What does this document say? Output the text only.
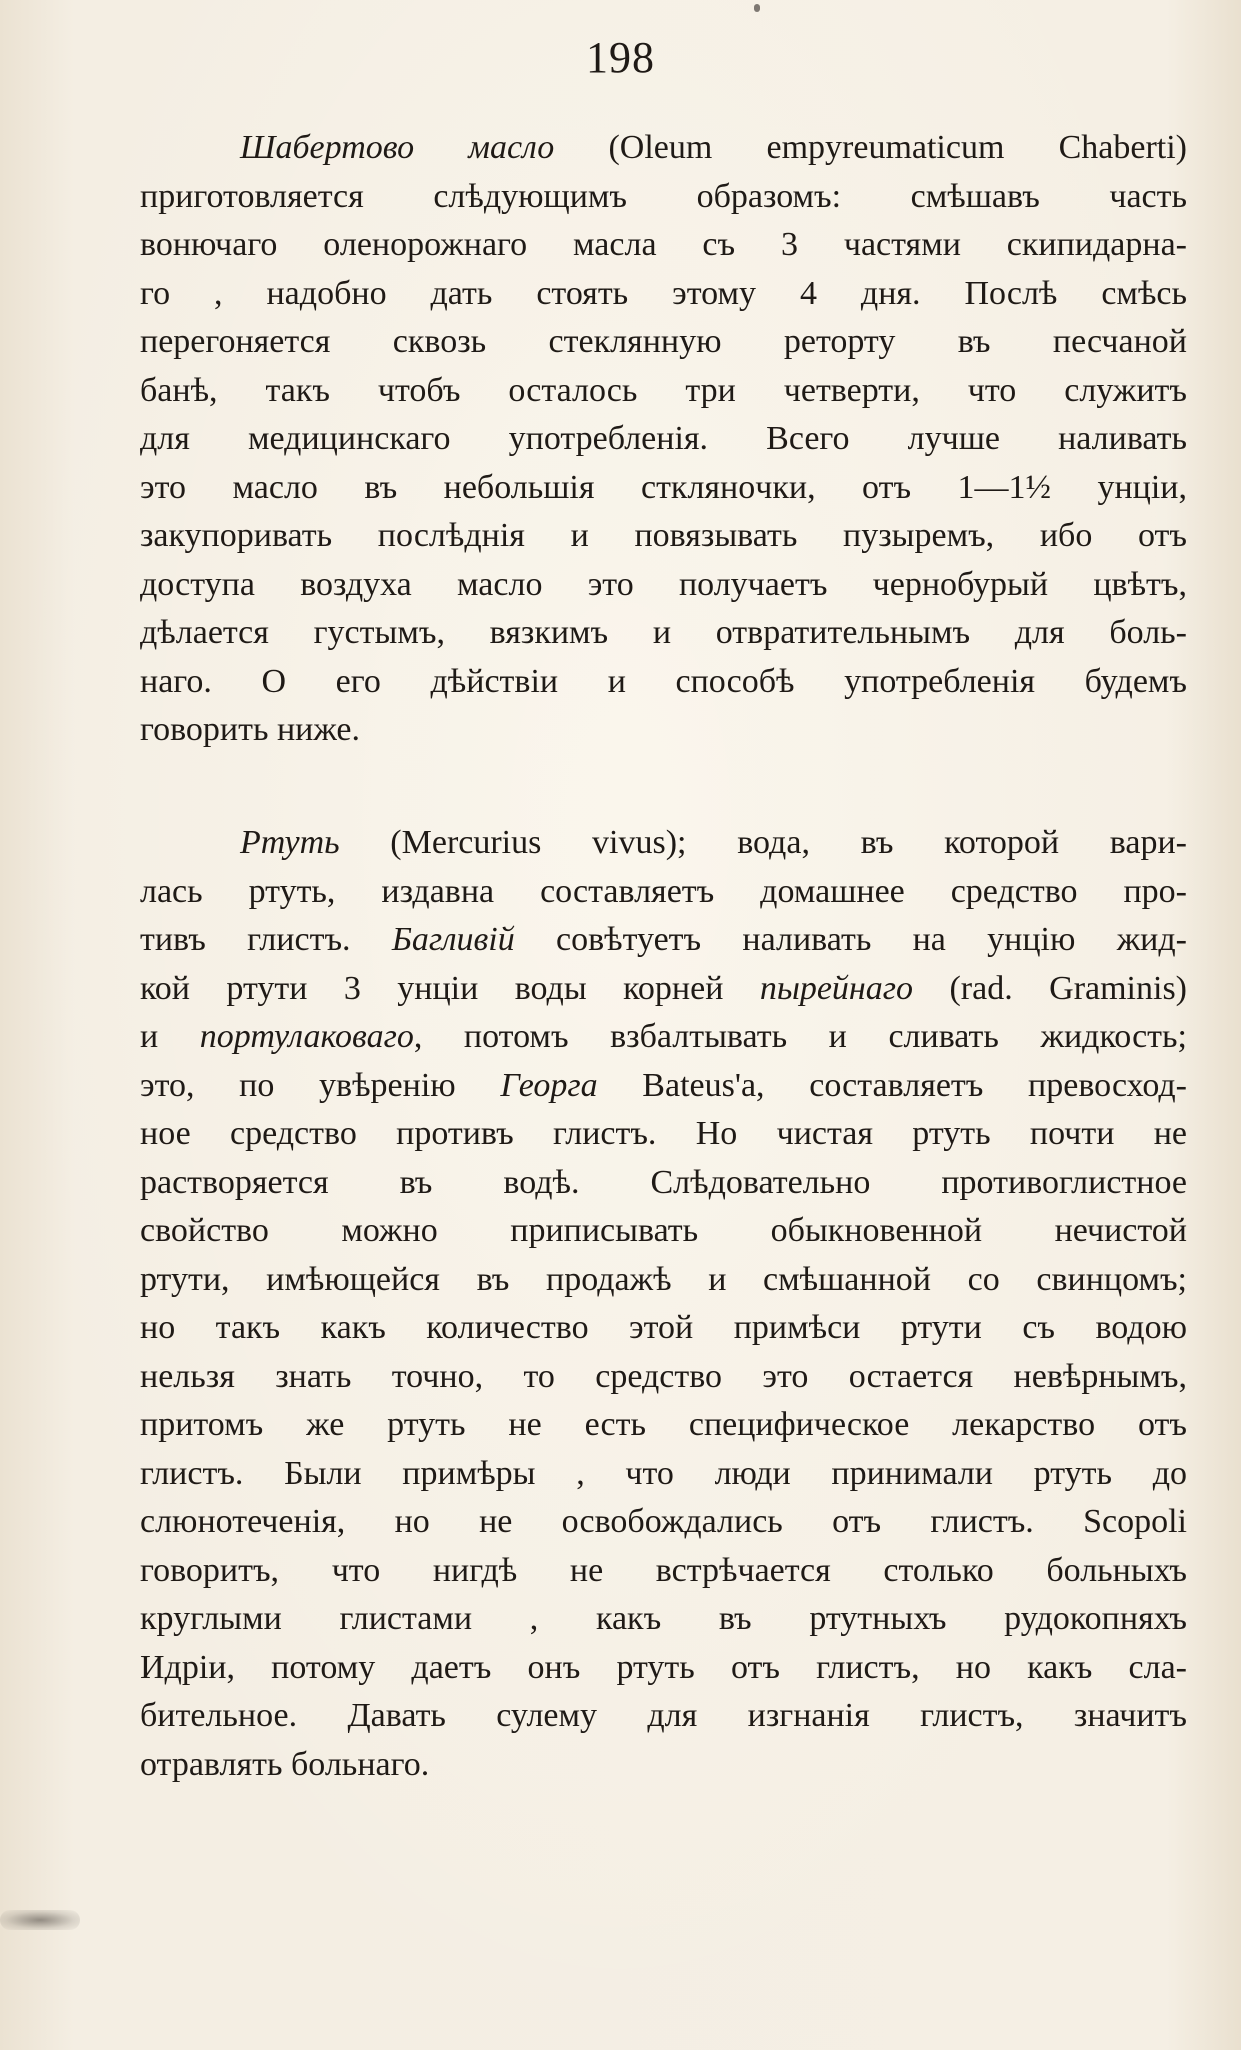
198
Шабертово масло (Oleum empyreumaticum Chaberti)
приготовляется слѣдующимъ образомъ: смѣшавъ часть
вонючаго оленорожнаго масла съ 3 частями скипидарна-
го , надобно дать стоять этому 4 дня. Послѣ смѣсь
перегоняется сквозь стеклянную реторту въ песчаной
банѣ, такъ чтобъ осталось три четверти, что служитъ
для медицинскаго употребленія. Всего лучше наливать
это масло въ небольшія стклянoчки, отъ 1—1½ унціи,
закупоривать послѣднія и повязывать пузыремъ, ибо отъ
доступа воздуха масло это получаетъ чернобурый цвѣтъ,
дѣлается густымъ, вязкимъ и отвратительнымъ для боль-
наго. О его дѣйствіи и способѣ употребленія будемъ
говорить ниже.
Ртуть (Mercurius vivus); вода, въ которой вари-
лась ртуть, издавна составляетъ домашнее средство про-
тивъ глистъ. Багливій совѣтуетъ наливать на унцію жид-
кой ртути 3 унціи воды корней пырейнаго (rad. Graminis)
и портулаковаго, потомъ взбалтывать и сливать жидкость;
это, по увѣренію Георга Bateus'a, составляетъ превосход-
ное средство противъ глистъ. Но чистая ртуть почти не
растворяется въ водѣ. Слѣдовательно противоглистное
свойство можно приписывать обыкновенной нечистой
ртути, имѣющейся въ продажѣ и смѣшанной со свинцомъ;
но такъ какъ количество этой примѣси ртути съ водою
нельзя знать точно, то средство это остается невѣрнымъ,
притомъ же ртуть не есть специфическое лекарство отъ
глистъ. Были примѣры , что люди принимали ртуть до
слюнотеченія, но не освобождались отъ глистъ. Scopoli
говоритъ, что нигдѣ не встрѣчается столько больныхъ
круглыми глистами , какъ въ ртутныхъ рудокопняхъ
Идріи, потому даетъ онъ ртуть отъ глистъ, но какъ сла-
бительное. Давать сулему для изгнанія глистъ, значитъ
отравлять больнаго.
